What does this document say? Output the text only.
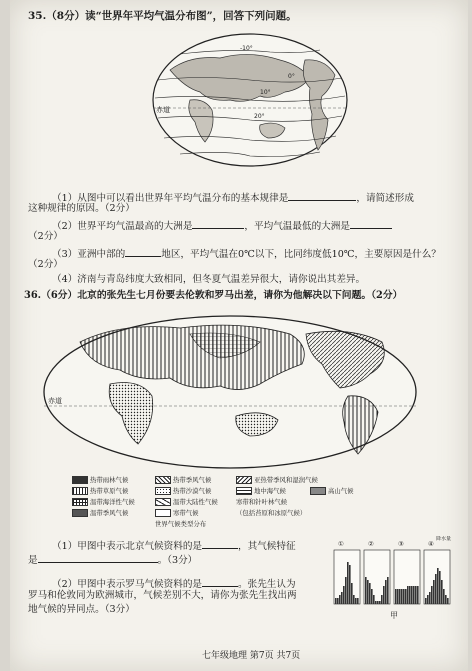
35.（8分）读“世界年平均气温分布图”，回答下列问题。
赤道
-10°
0°
10°
20°
（1）从图中可以看出世界年平均气温分布的基本规律是	，请简述形成
这种规律的原因。（2分）
（2）世界平均气温最高的大洲是	，平均气温最低的大洲是
（2分）
（3）亚洲中部的	地区，平均气温在0℃以下，比同纬度低10℃，主要原因是什么？
（2分）
（4）济南与青岛纬度大致相同，但冬夏气温差异很大，请你说出其差异。
36.（6分）北京的张先生七月份要去伦敦和罗马出差，请你为他解决以下问题。（2分）
赤道
热带雨林气候	热带季风气候	亚热带季风和湿润气候
热带草原气候	热带沙漠气候	地中海气候	高山气候
温带海洋性气候	温带大陆性气候	寒带和针叶林气候
温带季风气候	寒带气候	（包括苔原和冰原气候）
世界气候类型分布
（1）甲图中表示北京气候资料的是	，其气候特征
是	。（3分）
（2）甲图中表示罗马气候资料的是	。张先生认为
罗马和伦敦同为欧洲城市，气候差别不大，请你为张先生找出两
地气候的异同点。（3分）
①	②	③	④
降水量
甲
七年级地理 第7页 共7页
